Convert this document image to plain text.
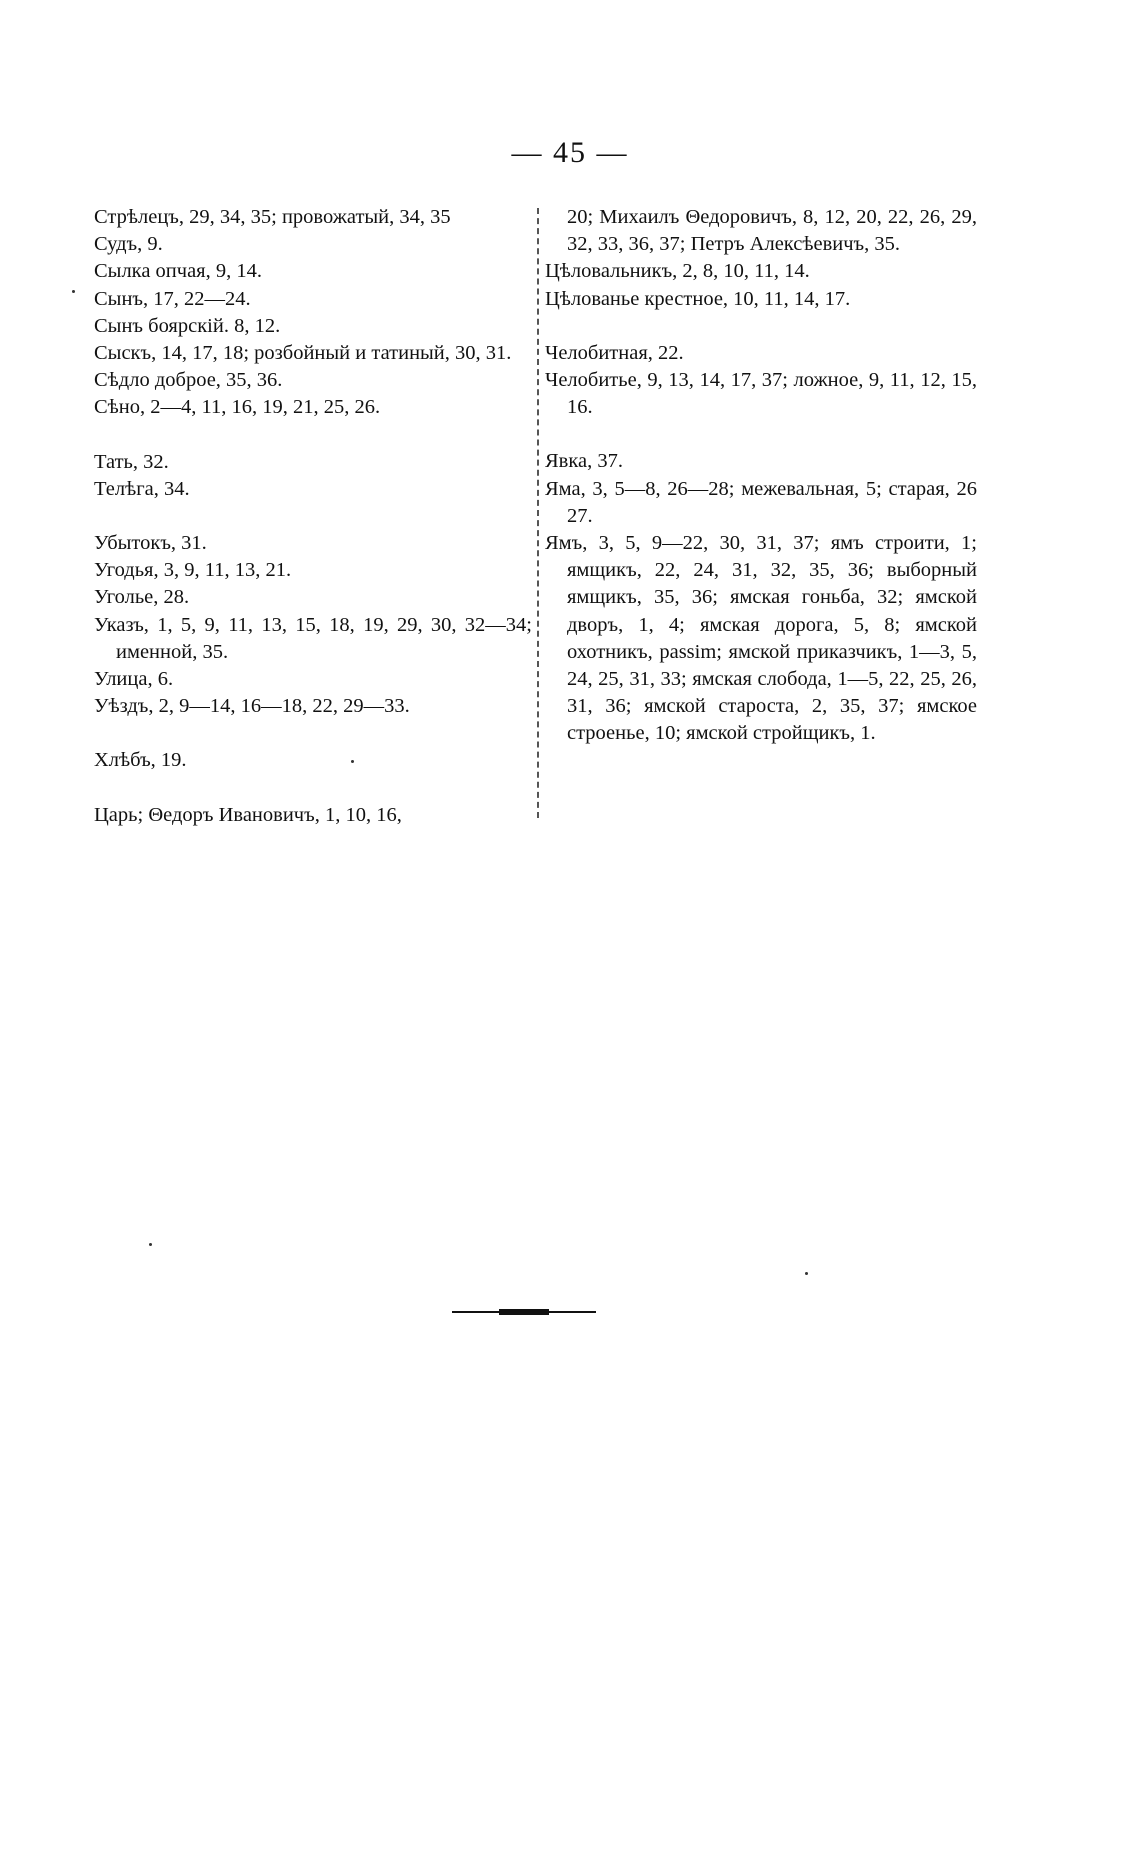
— 45 —
Стрѣлецъ, 29, 34, 35; провожатый, 34, 35
Судъ, 9.
Сылка опчая, 9, 14.
Сынъ, 17, 22—24.
Сынъ боярскій. 8, 12.
Сыскъ, 14, 17, 18; розбойный и татиный, 30, 31.
Сѣдло доброе, 35, 36.
Сѣно, 2—4, 11, 16, 19, 21, 25, 26.
Тать, 32.
Телѣга, 34.
Убытокъ, 31.
Угодья, 3, 9, 11, 13, 21.
Уголье, 28.
Указъ, 1, 5, 9, 11, 13, 15, 18, 19, 29, 30, 32—34; именной, 35.
Улица, 6.
Уѣздъ, 2, 9—14, 16—18, 22, 29—33.
Хлѣбъ, 19.
Царь; Θедоръ Ивановичъ, 1, 10, 16,
20; Михаилъ Θедоровичъ, 8, 12, 20, 22, 26, 29, 32, 33, 36, 37; Петръ Алексѣевичъ, 35.
Цѣловальникъ, 2, 8, 10, 11, 14.
Цѣлованье крестное, 10, 11, 14, 17.
Челобитная, 22.
Челобитье, 9, 13, 14, 17, 37; ложное, 9, 11, 12, 15, 16.
Явка, 37.
Яма, 3, 5—8, 26—28; межевальная, 5; старая, 26 27.
Ямъ, 3, 5, 9—22, 30, 31, 37; ямъ строити, 1; ямщикъ, 22, 24, 31, 32, 35, 36; выборный ямщикъ, 35, 36; ямская гоньба, 32; ямской дворъ, 1, 4; ямская дорога, 5, 8; ямской охотникъ, passim; ямской приказчикъ, 1—3, 5, 24, 25, 31, 33; ямская слобода, 1—5, 22, 25, 26, 31, 36; ямской староста, 2, 35, 37; ямское строенье, 10; ямской стройщикъ, 1.
